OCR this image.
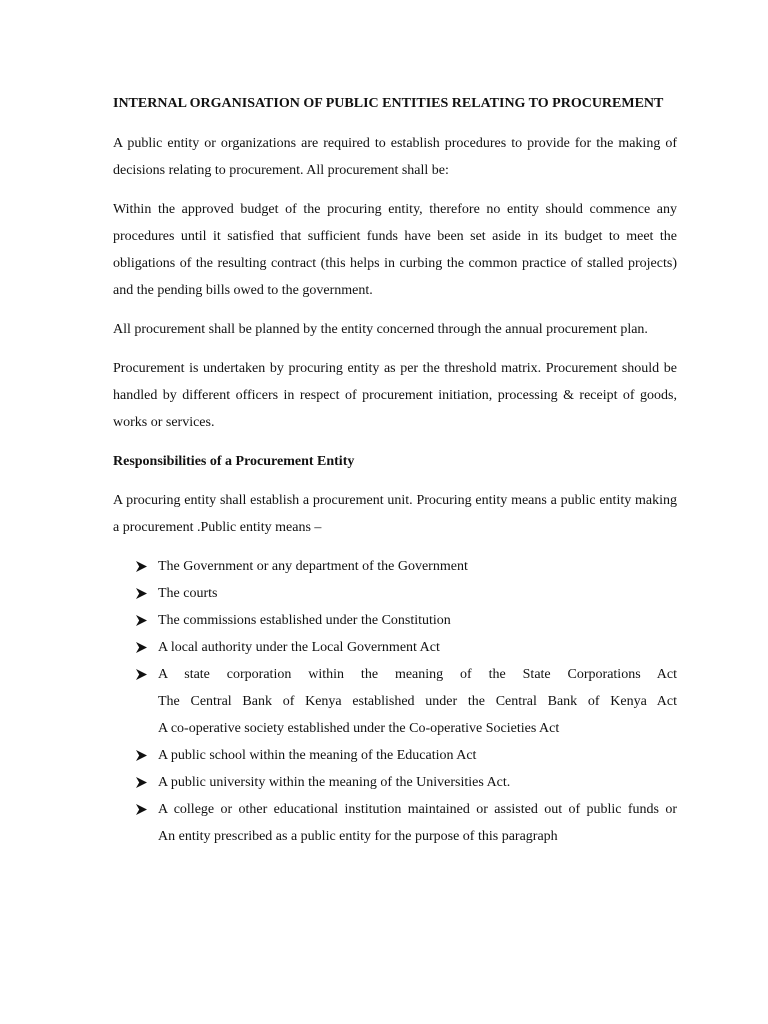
INTERNAL ORGANISATION OF PUBLIC ENTITIES RELATING TO PROCUREMENT

A public entity or organizations are required to establish procedures to provide for the making of decisions relating to procurement. All procurement shall be:

Within the approved budget of the procuring entity, therefore no entity should commence any procedures until it satisfied that sufficient funds have been set aside in its budget to meet the obligations of the resulting contract (this helps in curbing the common practice of stalled projects) and the pending bills owed to the government.

All procurement shall be planned by the entity concerned through the annual procurement plan.

Procurement is undertaken by procuring entity as per the threshold matrix. Procurement should be handled by different officers in respect of procurement initiation, processing & receipt of goods, works or services.

Responsibilities of a Procurement Entity

A procuring entity shall establish a procurement unit. Procuring entity means a public entity making a procurement .Public entity means –

The Government or any department of the Government
The courts
The commissions established under the Constitution
A local authority under the Local Government Act
A state corporation within the meaning of the State Corporations Act
The Central Bank of Kenya established under the Central Bank of Kenya Act
A co-operative society established under the Co-operative Societies Act
A public school within the meaning of the Education Act
A public university within the meaning of the Universities Act.
A college or other educational institution maintained or assisted out of public funds or
An entity prescribed as a public entity for the purpose of this paragraph
